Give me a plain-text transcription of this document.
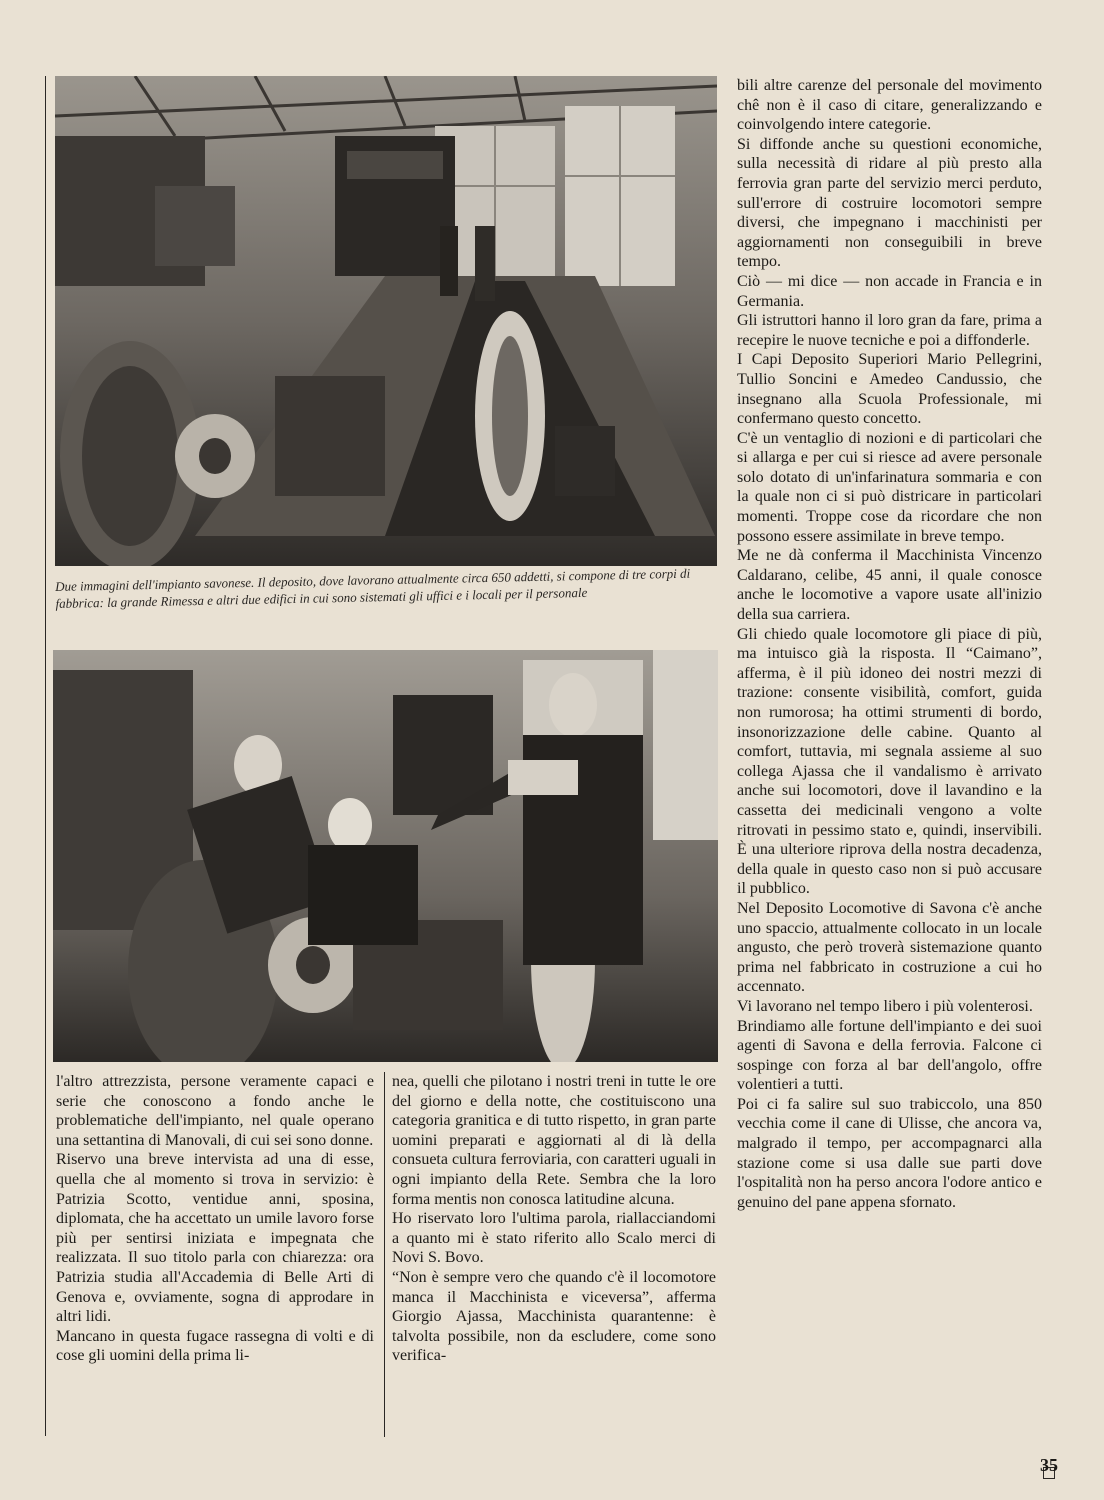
Due immagini dell'impianto savonese. Il deposito, dove lavorano attualmente circa 650 addetti, si compone di tre corpi di fabbrica: la grande Rimessa e altri due edifici in cui sono sistemati gli uffici e i locali per il personale

l'altro attrezzista, persone veramente capaci e serie che conoscono a fondo anche le problematiche dell'impianto, nel quale operano una settantina di Manovali, di cui sei sono donne.

Riservo una breve intervista ad una di esse, quella che al momento si trova in servizio: è Patrizia Scotto, ventidue anni, sposina, diplomata, che ha accettato un umile lavoro forse più per sentirsi iniziata e impegnata che realizzata. Il suo titolo parla con chiarezza: ora Patrizia studia all'Accademia di Belle Arti di Genova e, ovviamente, sogna di approdare in altri lidi.

Mancano in questa fugace rassegna di volti e di cose gli uomini della prima li-

nea, quelli che pilotano i nostri treni in tutte le ore del giorno e della notte, che costituiscono una categoria granitica e di tutto rispetto, in gran parte uomini preparati e aggiornati al di là della consueta cultura ferroviaria, con caratteri uguali in ogni impianto della Rete. Sembra che la loro forma mentis non conosca latitudine alcuna.

Ho riservato loro l'ultima parola, riallacciandomi a quanto mi è stato riferito allo Scalo merci di Novi S. Bovo.

“Non è sempre vero che quando c'è il locomotore manca il Macchinista e viceversa”, afferma Giorgio Ajassa, Macchinista quarantenne: è talvolta possibile, non da escludere, come sono verifica-

bili altre carenze del personale del movimento chê non è il caso di citare, generalizzando e coinvolgendo intere categorie.

Si diffonde anche su questioni economiche, sulla necessità di ridare al più presto alla ferrovia gran parte del servizio merci perduto, sull'errore di costruire locomotori sempre diversi, che impegnano i macchinisti per aggiornamenti non conseguibili in breve tempo.

Ciò — mi dice — non accade in Francia e in Germania.

Gli istruttori hanno il loro gran da fare, prima a recepire le nuove tecniche e poi a diffonderle.

I Capi Deposito Superiori Mario Pellegrini, Tullio Soncini e Amedeo Candussio, che insegnano alla Scuola Professionale, mi confermano questo concetto.

C'è un ventaglio di nozioni e di particolari che si allarga e per cui si riesce ad avere personale solo dotato di un'infarinatura sommaria e con la quale non ci si può districare in particolari momenti. Troppe cose da ricordare che non possono essere assimilate in breve tempo.

Me ne dà conferma il Macchinista Vincenzo Caldarano, celibe, 45 anni, il quale conosce anche le locomotive a vapore usate all'inizio della sua carriera.

Gli chiedo quale locomotore gli piace di più, ma intuisco già la risposta. Il “Caimano”, afferma, è il più idoneo dei nostri mezzi di trazione: consente visibilità, comfort, guida non rumorosa; ha ottimi strumenti di bordo, insonorizzazione delle cabine. Quanto al comfort, tuttavia, mi segnala assieme al suo collega Ajassa che il vandalismo è arrivato anche sui locomotori, dove il lavandino e la cassetta dei medicinali vengono a volte ritrovati in pessimo stato e, quindi, inservibili. È una ulteriore riprova della nostra decadenza, della quale in questo caso non si può accusare il pubblico.

Nel Deposito Locomotive di Savona c'è anche uno spaccio, attualmente collocato in un locale angusto, che però troverà sistemazione quanto prima nel fabbricato in costruzione a cui ho accennato.

Vi lavorano nel tempo libero i più volenterosi.

Brindiamo alle fortune dell'impianto e dei suoi agenti di Savona e della ferrovia. Falcone ci sospinge con forza al bar dell'angolo, offre volentieri a tutti.

Poi ci fa salire sul suo trabiccolo, una 850 vecchia come il cane di Ulisse, che ancora va, malgrado il tempo, per accompagnarci alla stazione come si usa dalle sue parti dove l'ospitalità non ha perso ancora l'odore antico e genuino del pane appena sfornato.

35
